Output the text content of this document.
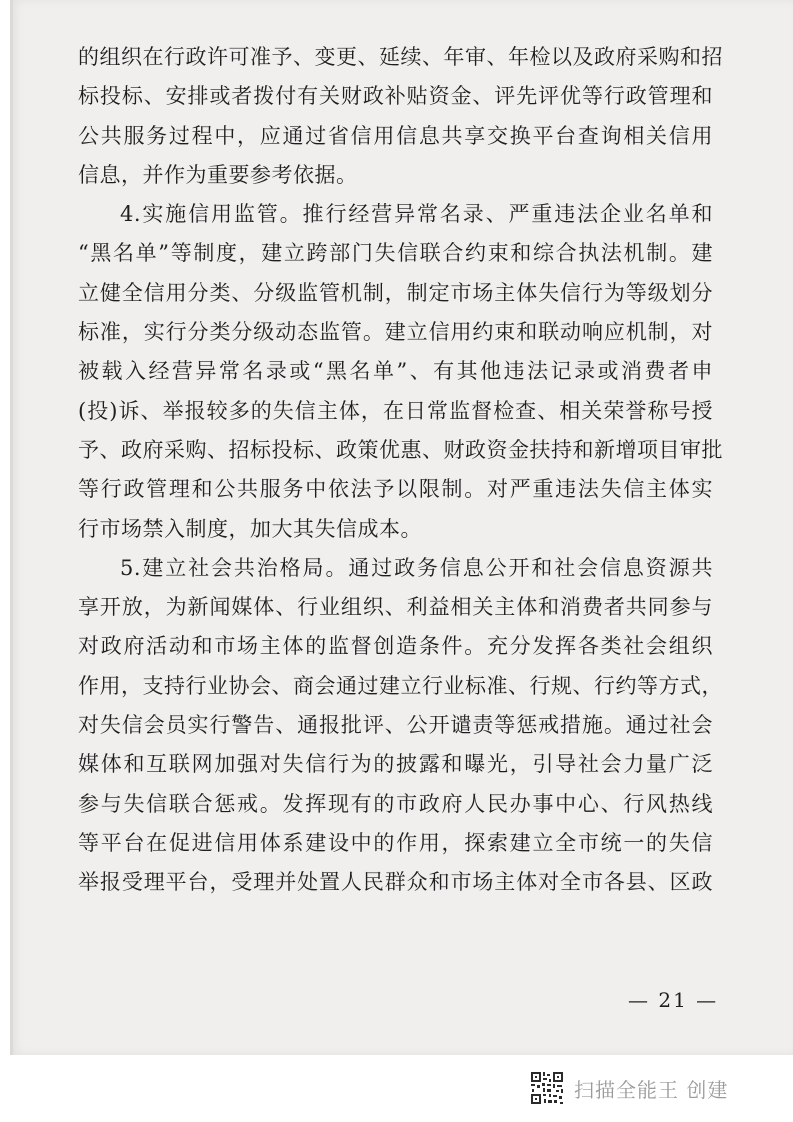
的组织在行政许可准予、变更、延续、年审、年检以及政府采购和招
标投标、安排或者拨付有关财政补贴资金、评先评优等行政管理和
公共服务过程中，应通过省信用信息共享交换平台查询相关信用
信息，并作为重要参考依据。
4.实施信用监管。推行经营异常名录、严重违法企业名单和
“黑名单”等制度，建立跨部门失信联合约束和综合执法机制。建
立健全信用分类、分级监管机制，制定市场主体失信行为等级划分
标准，实行分类分级动态监管。建立信用约束和联动响应机制，对
被载入经营异常名录或“黑名单”、有其他违法记录或消费者申
(投)诉、举报较多的失信主体，在日常监督检查、相关荣誉称号授
予、政府采购、招标投标、政策优惠、财政资金扶持和新增项目审批
等行政管理和公共服务中依法予以限制。对严重违法失信主体实
行市场禁入制度，加大其失信成本。
5.建立社会共治格局。通过政务信息公开和社会信息资源共
享开放，为新闻媒体、行业组织、利益相关主体和消费者共同参与
对政府活动和市场主体的监督创造条件。充分发挥各类社会组织
作用，支持行业协会、商会通过建立行业标准、行规、行约等方式，
对失信会员实行警告、通报批评、公开谴责等惩戒措施。通过社会
媒体和互联网加强对失信行为的披露和曝光，引导社会力量广泛
参与失信联合惩戒。发挥现有的市政府人民办事中心、行风热线
等平台在促进信用体系建设中的作用，探索建立全市统一的失信
举报受理平台，受理并处置人民群众和市场主体对全市各县、区政
— 21 —
扫描全能王 创建
